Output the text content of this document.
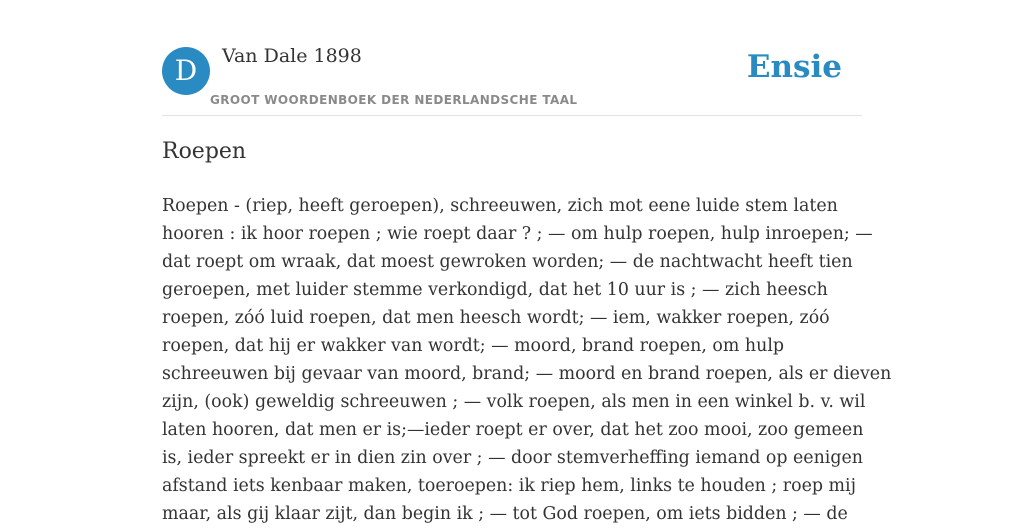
D	Van Dale 1898
GROOT WOORDENBOEK DER NEDERLANDSCHE TAAL
Ensie
Roepen
Roepen - (riep, heeft geroepen), schreeuwen, zich mot eene luide stem laten
hooren : ik hoor roepen ; wie roept daar ? ; — om hulp roepen, hulp inroepen; —
dat roept om wraak, dat moest gewroken worden; — de nachtwacht heeft tien
geroepen, met luider stemme verkondigd, dat het 10 uur is ; — zich heesch
roepen, zóó luid roepen, dat men heesch wordt; — iem, wakker roepen, zóó
roepen, dat hij er wakker van wordt; — moord, brand roepen, om hulp
schreeuwen bij gevaar van moord, brand; — moord en brand roepen, als er dieven
zijn, (ook) geweldig schreeuwen ; — volk roepen, als men in een winkel b. v. wil
laten hooren, dat men er is;—ieder roept er over, dat het zoo mooi, zoo gemeen
is, ieder spreekt er in dien zin over ; — door stemverheffing iemand op eenigen
afstand iets kenbaar maken, toeroepen: ik riep hem, links te houden ; roep mij
maar, als gij klaar zijt, dan begin ik ; — tot God roepen, om iets bidden ; — de
